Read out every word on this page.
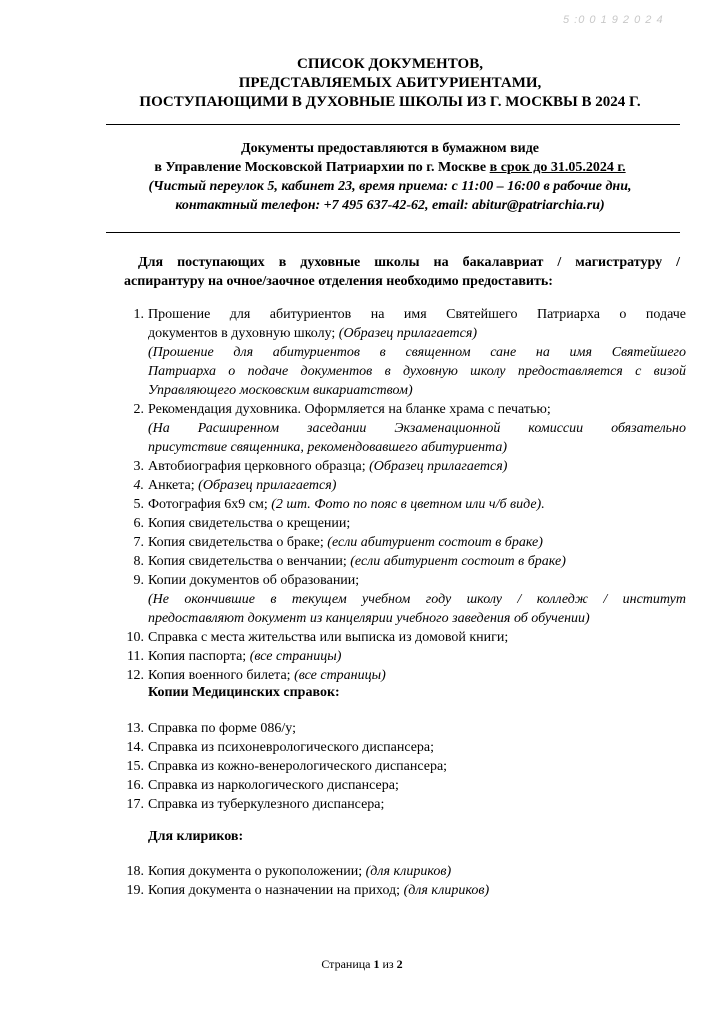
5 :0 0 1 9 2 0 2 4
СПИСОК ДОКУМЕНТОВ,
ПРЕДСТАВЛЯЕМЫХ АБИТУРИЕНТАМИ,
ПОСТУПАЮЩИМИ В ДУХОВНЫЕ ШКОЛЫ ИЗ Г. МОСКВЫ В 2024 Г.
Документы предоставляются в бумажном виде
в Управление Московской Патриархии по г. Москве в срок до 31.05.2024 г.
(Чистый переулок 5, кабинет 23, время приема: с 11:00 – 16:00 в рабочие дни,
контактный телефон: +7 495 637-42-62, email: abitur@patriarchia.ru)
Для поступающих в духовные школы на бакалавриат / магистратуру /
аспирантуру на очное/заочное отделения необходимо предоставить:
1. Прошение для абитуриентов на имя Святейшего Патриарха о подаче
документов в духовную школу; (Образец прилагается)
(Прошение для абитуриентов в священном сане на имя Святейшего
Патриарха о подаче документов в духовную школу предоставляется с визой
Управляющего московским викариатством)
2. Рекомендация духовника. Оформляется на бланке храма с печатью;
(На Расширенном заседании Экзаменационной комиссии обязательно
присутствие священника, рекомендовавшего абитуриента)
3. Автобиография церковного образца; (Образец прилагается)
4. Анкета; (Образец прилагается)
5. Фотография 6х9 см; (2 шт. Фото по пояс в цветном или ч/б виде).
6. Копия свидетельства о крещении;
7. Копия свидетельства о браке; (если абитуриент состоит в браке)
8. Копия свидетельства о венчании; (если абитуриент состоит в браке)
9. Копии документов об образовании;
(Не окончившие в текущем учебном году школу / колледж / институт
предоставляют документ из канцелярии учебного заведения об обучении)
10. Справка с места жительства или выписка из домовой книги;
11. Копия паспорта; (все страницы)
12. Копия военного билета; (все страницы)
Копии Медицинских справок:
13. Справка по форме 086/у;
14. Справка из психоневрологического диспансера;
15. Справка из кожно-венерологического диспансера;
16. Справка из наркологического диспансера;
17. Справка из туберкулезного диспансера;
Для клириков:
18. Копия документа о рукоположении; (для клириков)
19. Копия документа о назначении на приход; (для клириков)
Страница 1 из 2
